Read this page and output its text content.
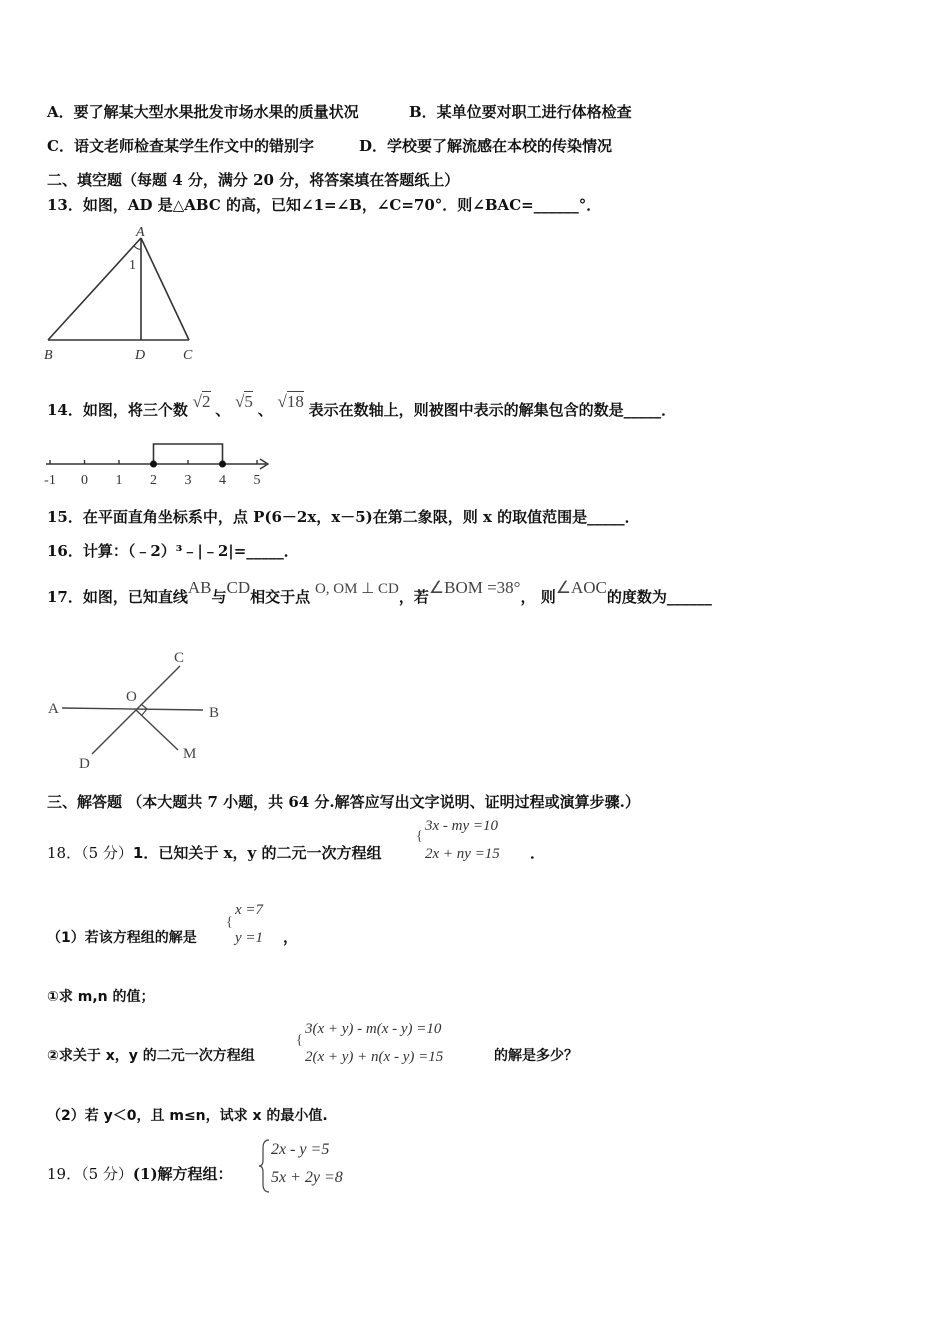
A．要了解某大型水果批发市场水果的质量状况	B．某单位要对职工进行体格检查
C．语文老师检查某学生作文中的错别字	D．学校要了解流感在本校的传染情况
二、填空题（每题 4 分，满分 20 分，将答案填在答题纸上）
13．如图，AD 是△ABC 的高，已知∠1=∠B，∠C=70°．则∠BAC=______°．
A
1
B	D	C
14．如图，将三个数 √2 、 √5 、 √18 表示在数轴上，则被图中表示的解集包含的数是_____．
-1 0 1 2 3 4 5
15．在平面直角坐标系中，点 P(6－2x，x－5)在第二象限，则 x 的取值范围是_____．
16．计算：（﹣2）³﹣|﹣2|=_____．
17．如图，已知直线AB与CD相交于点 O, OM ⊥ CD，若∠BOM =38°， 则∠AOC的度数为______
A	B
C
D
M
O
三、解答题 （本大题共 7 小题，共 64 分.解答应写出文字说明、证明过程或演算步骤.）
18．（5 分）1．已知关于 x，y 的二元一次方程组
{
3x - my =10
2x + ny =15 ．
（1）若该方程组的解是
{
x =7
y =1 ，
①求 m,n 的值；
②求关于 x，y 的二元一次方程组
{
3(x + y) - m(x - y) =10
2(x + y) + n(x - y) =15	的解是多少？
（2）若 y＜0，且 m≤n，试求 x 的最小值.
19．（5 分）(1)解方程组：
2x - y =5
5x + 2y =8
